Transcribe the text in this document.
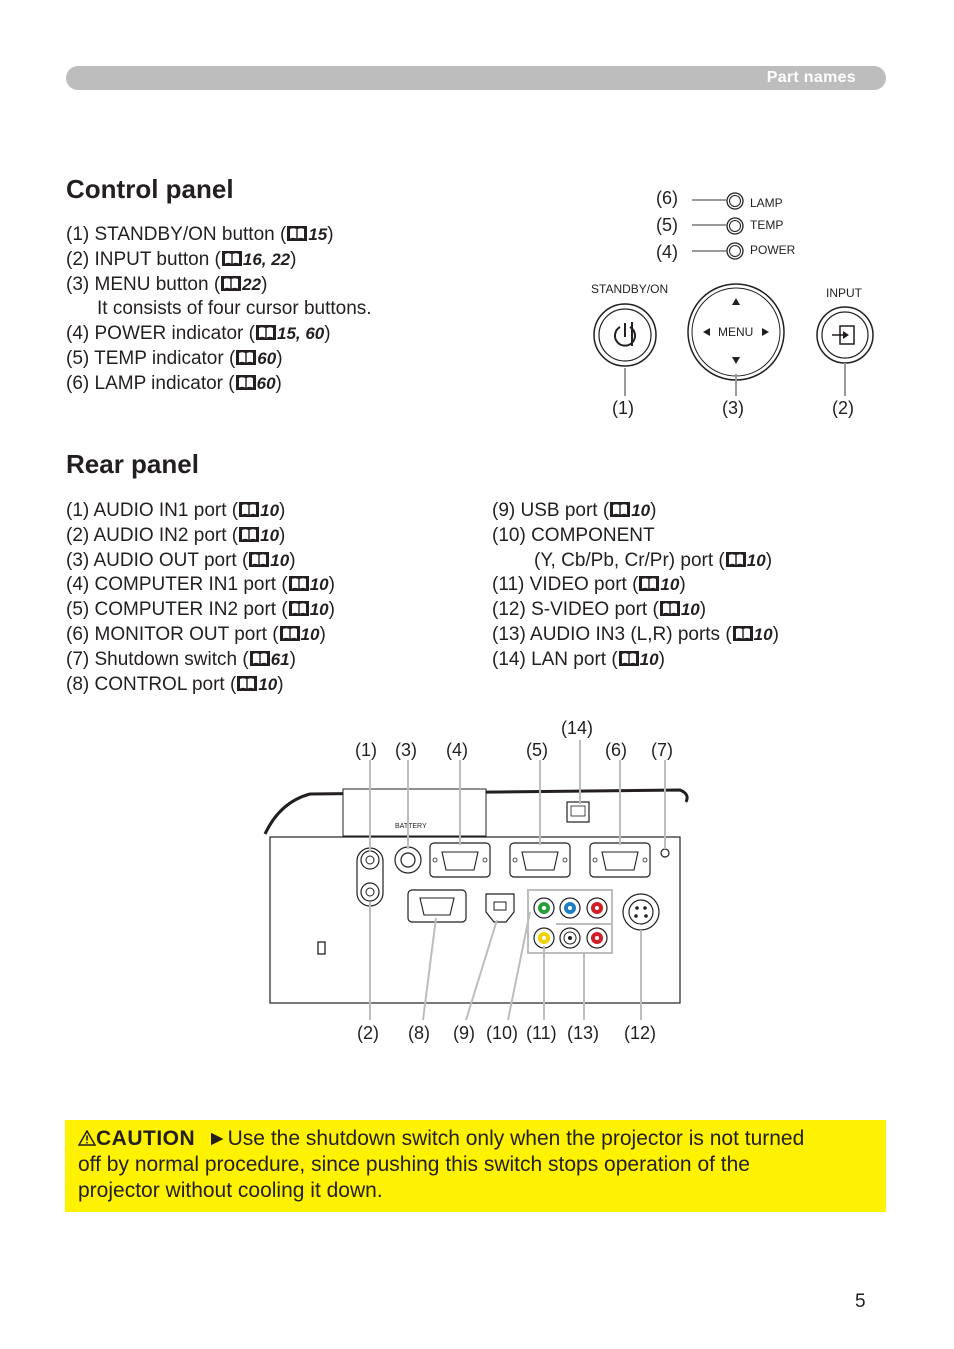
Part names
Control panel
(1) STANDBY/ON button ( 15)
(2) INPUT button ( 16, 22)
(3) MENU button ( 22)
It consists of four cursor buttons.
(4) POWER indicator ( 15, 60)
(5) TEMP indicator ( 60)
(6) LAMP indicator ( 60)
LAMP
TEMP
POWER
(6)
(5)
(4)
STANDBY/ON
MENU
INPUT
(1)	(3)	(2)
Rear panel
(1) AUDIO IN1 port ( 10)
(2) AUDIO IN2 port ( 10)
(3) AUDIO OUT port ( 10)
(4) COMPUTER IN1 port ( 10)
(5) COMPUTER IN2 port ( 10)
(6) MONITOR OUT port ( 10)
(7) Shutdown switch ( 61)
(8) CONTROL port ( 10)
(9) USB port ( 10)
(10) COMPONENT
(Y, Cb/Pb, Cr/Pr) port ( 10)
(11) VIDEO port ( 10)
(12) S-VIDEO port ( 10)
(13) AUDIO IN3 (L,R) ports ( 10)
(14) LAN port ( 10)
BATTERY
(1) (3) (4)	(5)
(14)
(6) (7)
(2) (8) (9) (10) (11) (13) (12)
CAUTION ►Use the shutdown switch only when the projector is not turned
off by normal procedure, since pushing this switch stops operation of the
projector without cooling it down.
5
